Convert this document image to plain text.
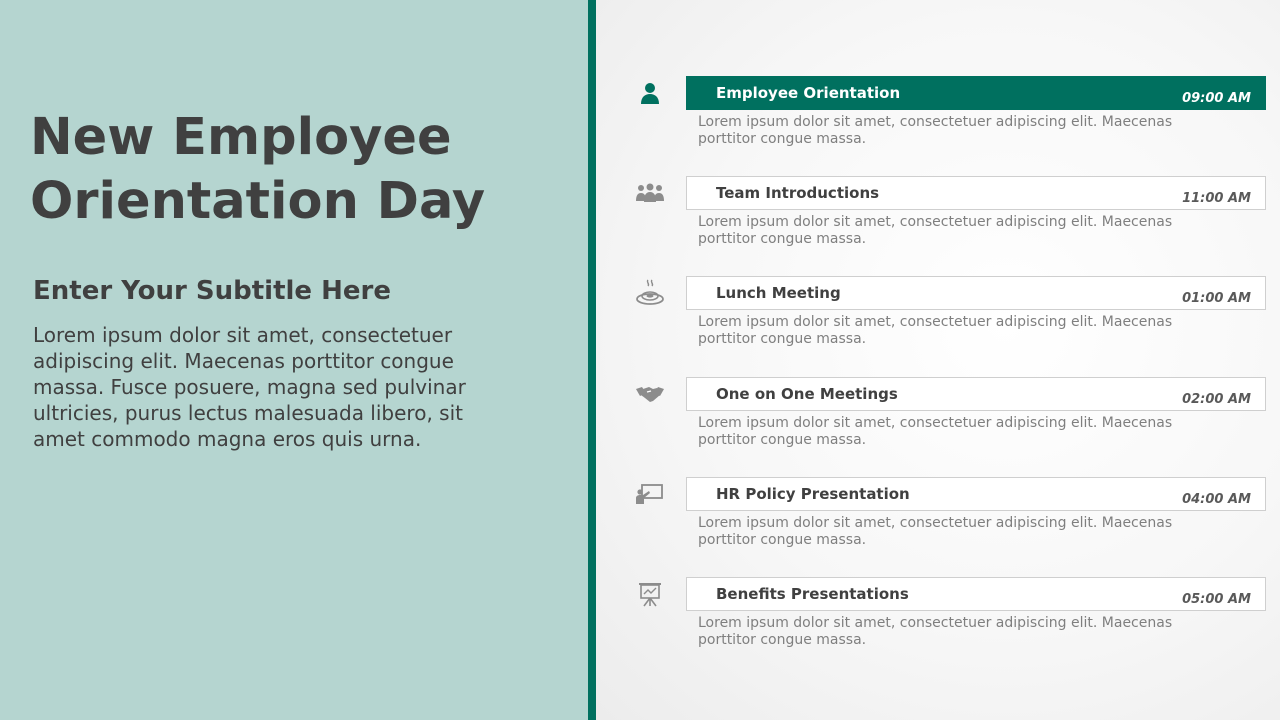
New Employee
Orientation Day
Enter Your Subtitle Here

Lorem ipsum dolor sit amet, consectetuer adipiscing elit. Maecenas porttitor congue massa. Fusce posuere, magna sed pulvinar ultricies, purus lectus malesuada libero, sit amet commodo magna eros quis urna.

Employee Orientation	09:00 AM

Lorem ipsum dolor sit amet, consectetuer adipiscing elit. Maecenas porttitor congue massa.

Team Introductions	11:00 AM

Lorem ipsum dolor sit amet, consectetuer adipiscing elit. Maecenas porttitor congue massa.

Lunch Meeting	01:00 AM

Lorem ipsum dolor sit amet, consectetuer adipiscing elit. Maecenas porttitor congue massa.

One on One Meetings	02:00 AM

Lorem ipsum dolor sit amet, consectetuer adipiscing elit. Maecenas porttitor congue massa.

HR Policy Presentation	04:00 AM

Lorem ipsum dolor sit amet, consectetuer adipiscing elit. Maecenas porttitor congue massa.

Benefits Presentations	05:00 AM

Lorem ipsum dolor sit amet, consectetuer adipiscing elit. Maecenas porttitor congue massa.
